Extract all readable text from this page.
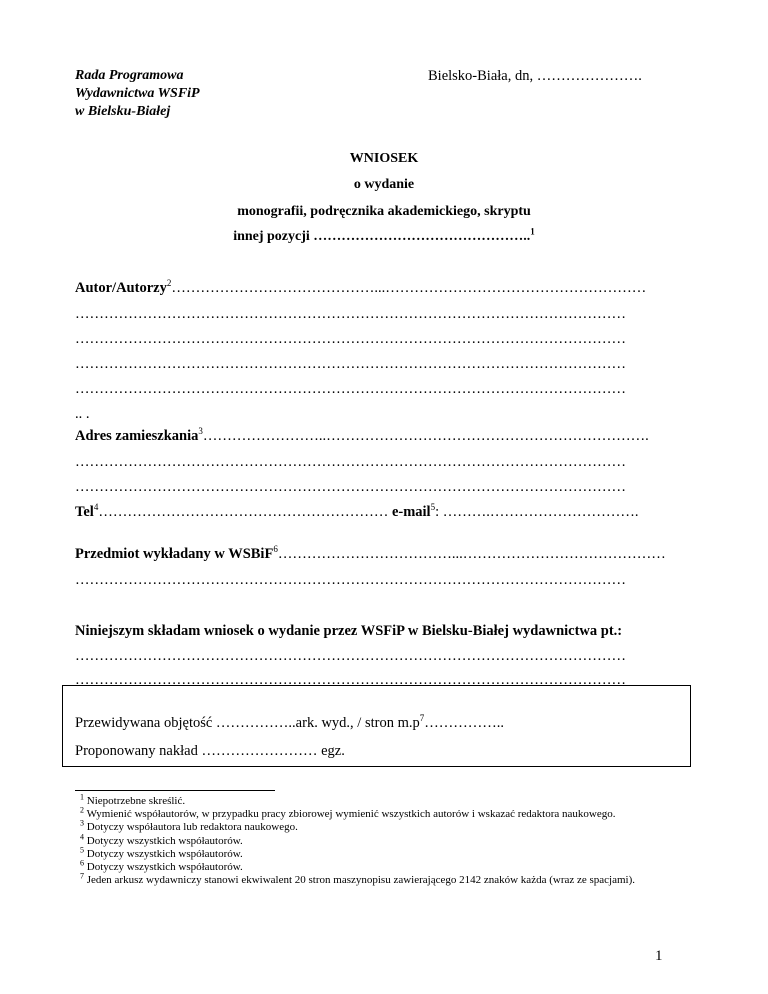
Rada Programowa
Wydawnictwa WSFiP
w Bielsku-Białej
Bielsko-Biała, dn, ………………….
WNIOSEK
o wydanie
monografii, podręcznika akademickiego, skryptu
innej pozycji ………………………………………..$^1$
Autor/Autorzy$^2$……………………………………...………………………………………………
……………………………………………………………………………………………………
……………………………………………………………………………………………………
……………………………………………………………………………………………………
……………………………………………………………………………………………………
.. .
Adres zamieszkania$^3$……………………..………………………………………………………….
……………………………………………………………………………………………………
……………………………………………………………………………………………………
Tel$^4$…………………………………………………… e-mail$^5$: ……….………………………….
Przedmiot wykładany w WSBiF$^6$………………………………...……………………………………
……………………………………………………………………………………………………
Niniejszym składam wniosek o wydanie przez WSFiP w Bielsku-Białej wydawnictwa pt.:
……………………………………………………………………………………………………
……………………………………………………………………………………………………
Przewidywana objętość ……………..ark. wyd., / stron $m.p^7\dots\dots\dots\dots\dots$..
Proponowany nakład …………………… egz.
$^1$ Niepotrzebne skreślić.
$^2$ Wymienić współautorów, w przypadku pracy zbiorowej wymienić wszystkich autorów i wskazać redaktora naukowego.
$^3$ Dotyczy współautora lub redaktora naukowego.
$^4$ Dotyczy wszystkich współautorów.
$^5$ Dotyczy wszystkich współautorów.
$^6$ Dotyczy wszystkich współautorów.
$^7$ Jeden arkusz wydawniczy stanowi ekwiwalent 20 stron maszynopisu zawierającego 2142 znaków każda (wraz ze spacjami).
1
